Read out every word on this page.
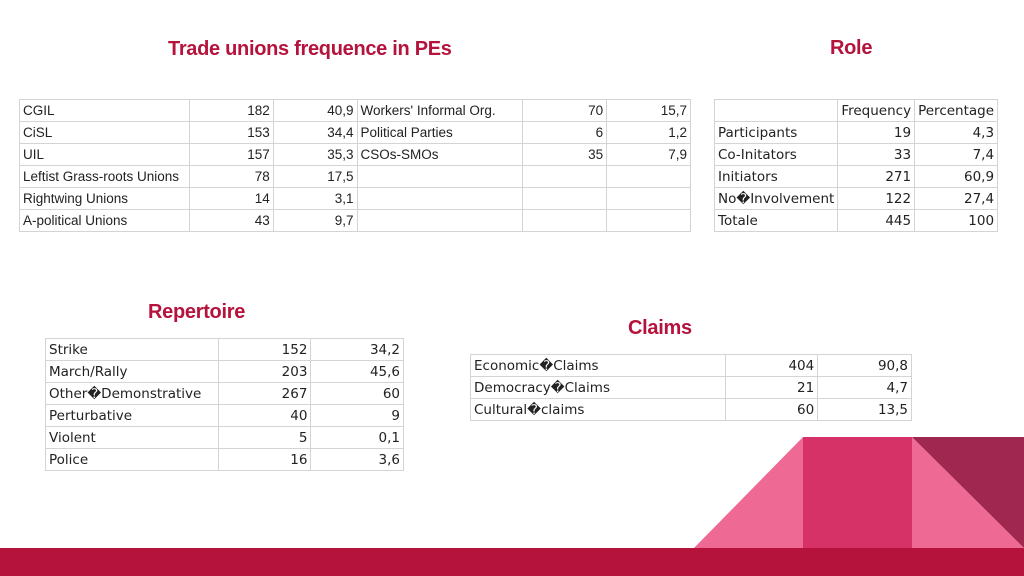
Trade unions frequence in PEs	Role
Repertoire
Claims
CGIL	182	40,9	Workers' Informal Org.	70	15,7
CiSL	153	34,4	Political Parties	6	1,2
UIL	157	35,3	CSOs-SMOs	35	7,9
Leftist Grass-roots Unions	78	17,5			
Rightwing Unions	14	3,1			
A-political Unions	43	9,7			
	Frequency	Percentage
Participants	19	4,3
Co-Initators	33	7,4
Initiators	271	60,9
No�Involvement	122	27,4
Totale	445	100
Strike	152	34,2
March/Rally	203	45,6
Other�Demonstrative	267	60
Perturbative	40	9
Violent	5	0,1
Police	16	3,6
Economic�Claims	404	90,8
Democracy�Claims	21	4,7
Cultural�claims	60	13,5
